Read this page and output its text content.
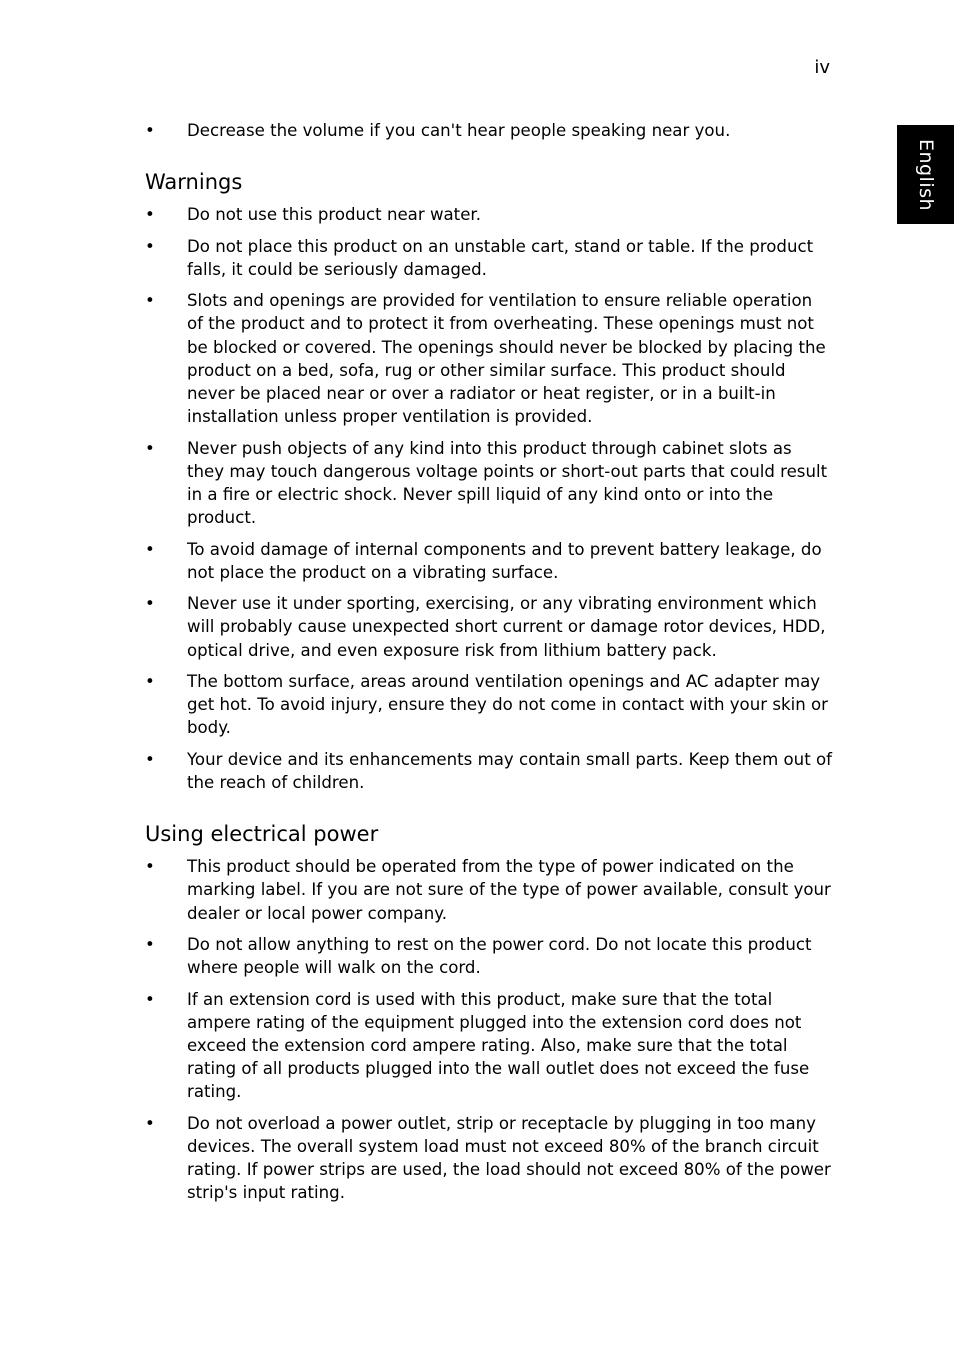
iv
English
• Decrease the volume if you can't hear people speaking near you.
Warnings
• Do not use this product near water.
• Do not place this product on an unstable cart, stand or table. If the product falls, it could be seriously damaged.
• Slots and openings are provided for ventilation to ensure reliable operation of the product and to protect it from overheating. These openings must not be blocked or covered. The openings should never be blocked by placing the product on a bed, sofa, rug or other similar surface. This product should never be placed near or over a radiator or heat register, or in a built-in installation unless proper ventilation is provided.
• Never push objects of any kind into this product through cabinet slots as they may touch dangerous voltage points or short-out parts that could result in a fire or electric shock. Never spill liquid of any kind onto or into the product.
• To avoid damage of internal components and to prevent battery leakage, do not place the product on a vibrating surface.
• Never use it under sporting, exercising, or any vibrating environment which will probably cause unexpected short current or damage rotor devices, HDD, optical drive, and even exposure risk from lithium battery pack.
• The bottom surface, areas around ventilation openings and AC adapter may get hot. To avoid injury, ensure they do not come in contact with your skin or body.
• Your device and its enhancements may contain small parts. Keep them out of the reach of children.
Using electrical power
• This product should be operated from the type of power indicated on the marking label. If you are not sure of the type of power available, consult your dealer or local power company.
• Do not allow anything to rest on the power cord. Do not locate this product where people will walk on the cord.
• If an extension cord is used with this product, make sure that the total ampere rating of the equipment plugged into the extension cord does not exceed the extension cord ampere rating. Also, make sure that the total rating of all products plugged into the wall outlet does not exceed the fuse rating.
• Do not overload a power outlet, strip or receptacle by plugging in too many devices. The overall system load must not exceed 80% of the branch circuit rating. If power strips are used, the load should not exceed 80% of the power strip's input rating.
